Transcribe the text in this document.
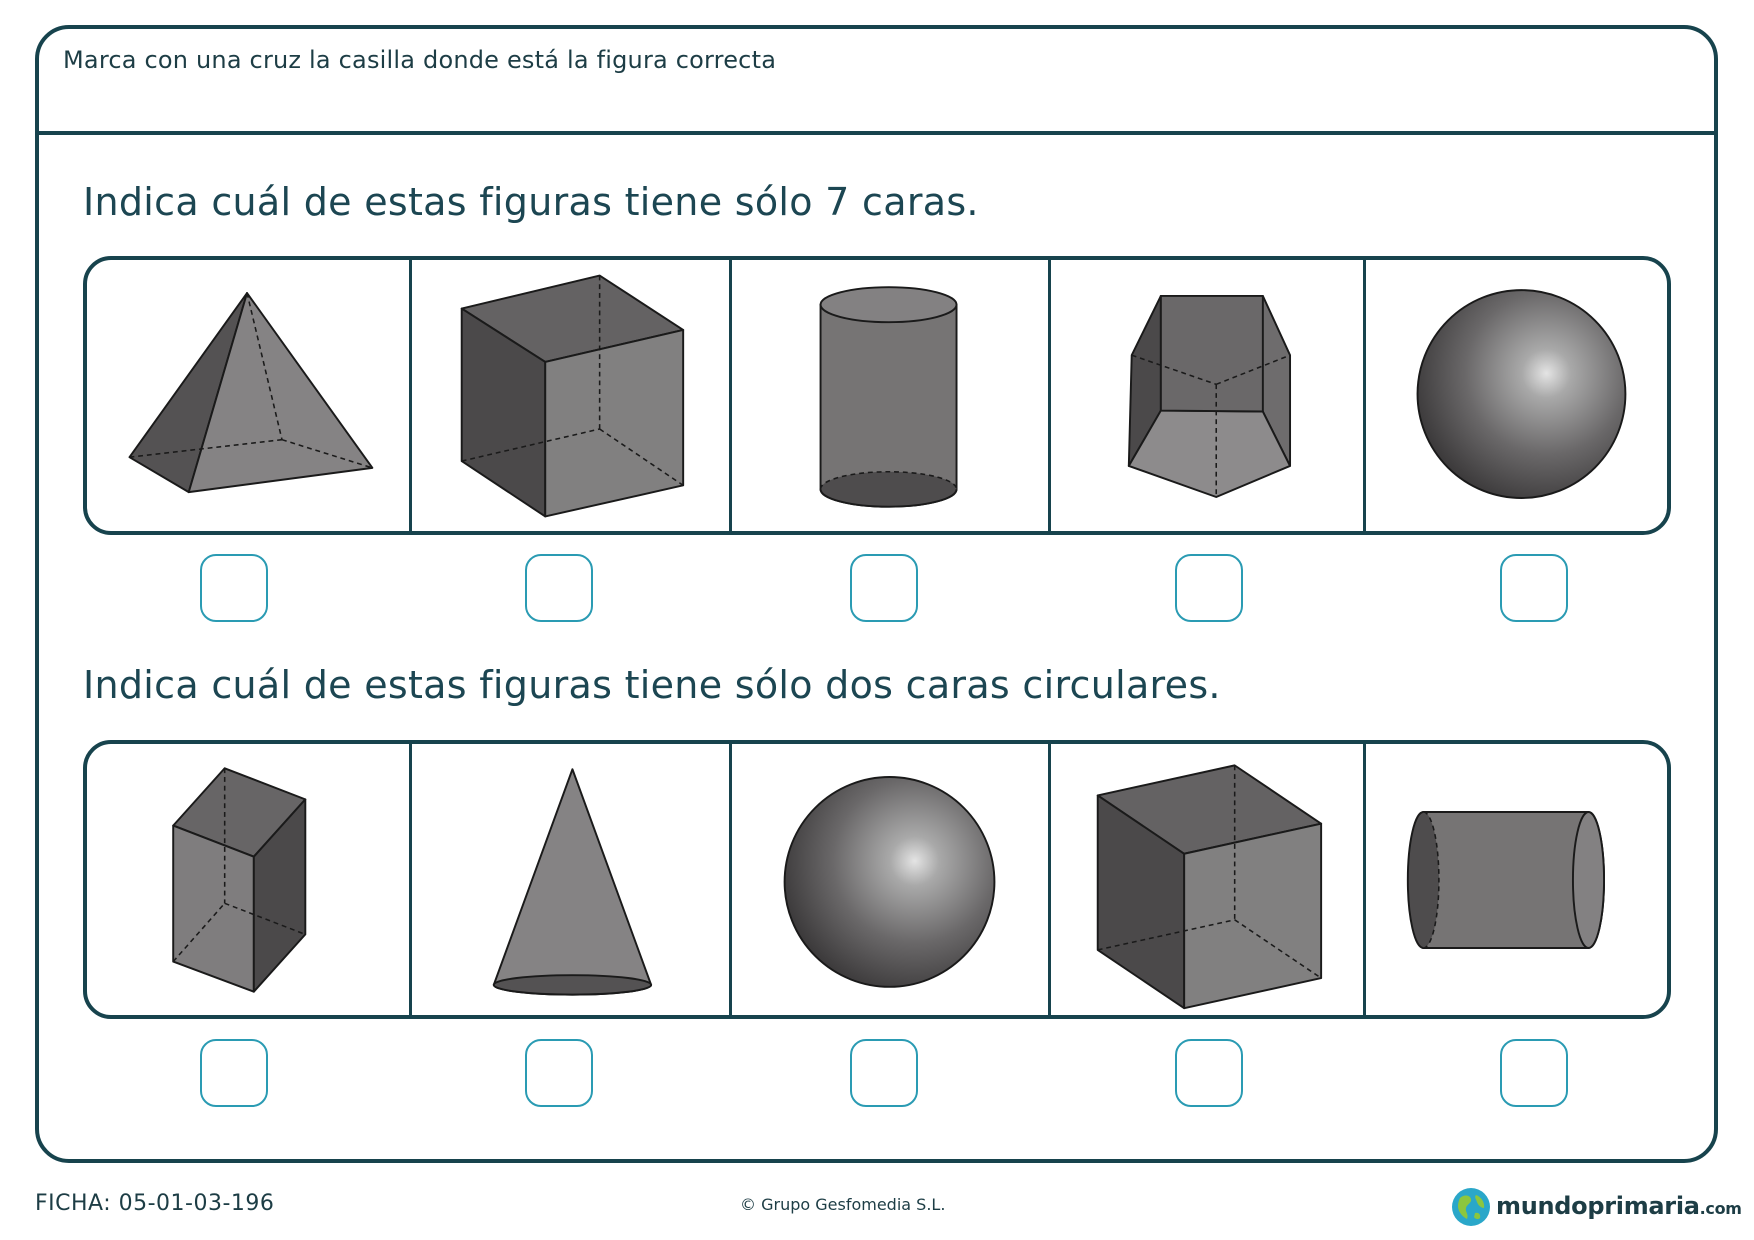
Marca con una cruz la casilla donde está la figura correcta
Indica cuál de estas figuras tiene sólo 7 caras.
Indica cuál de estas figuras tiene sólo dos caras circulares.
FICHA: 05-01-03-196	© Grupo Gesfomedia S.L.	mundoprimaria.com
